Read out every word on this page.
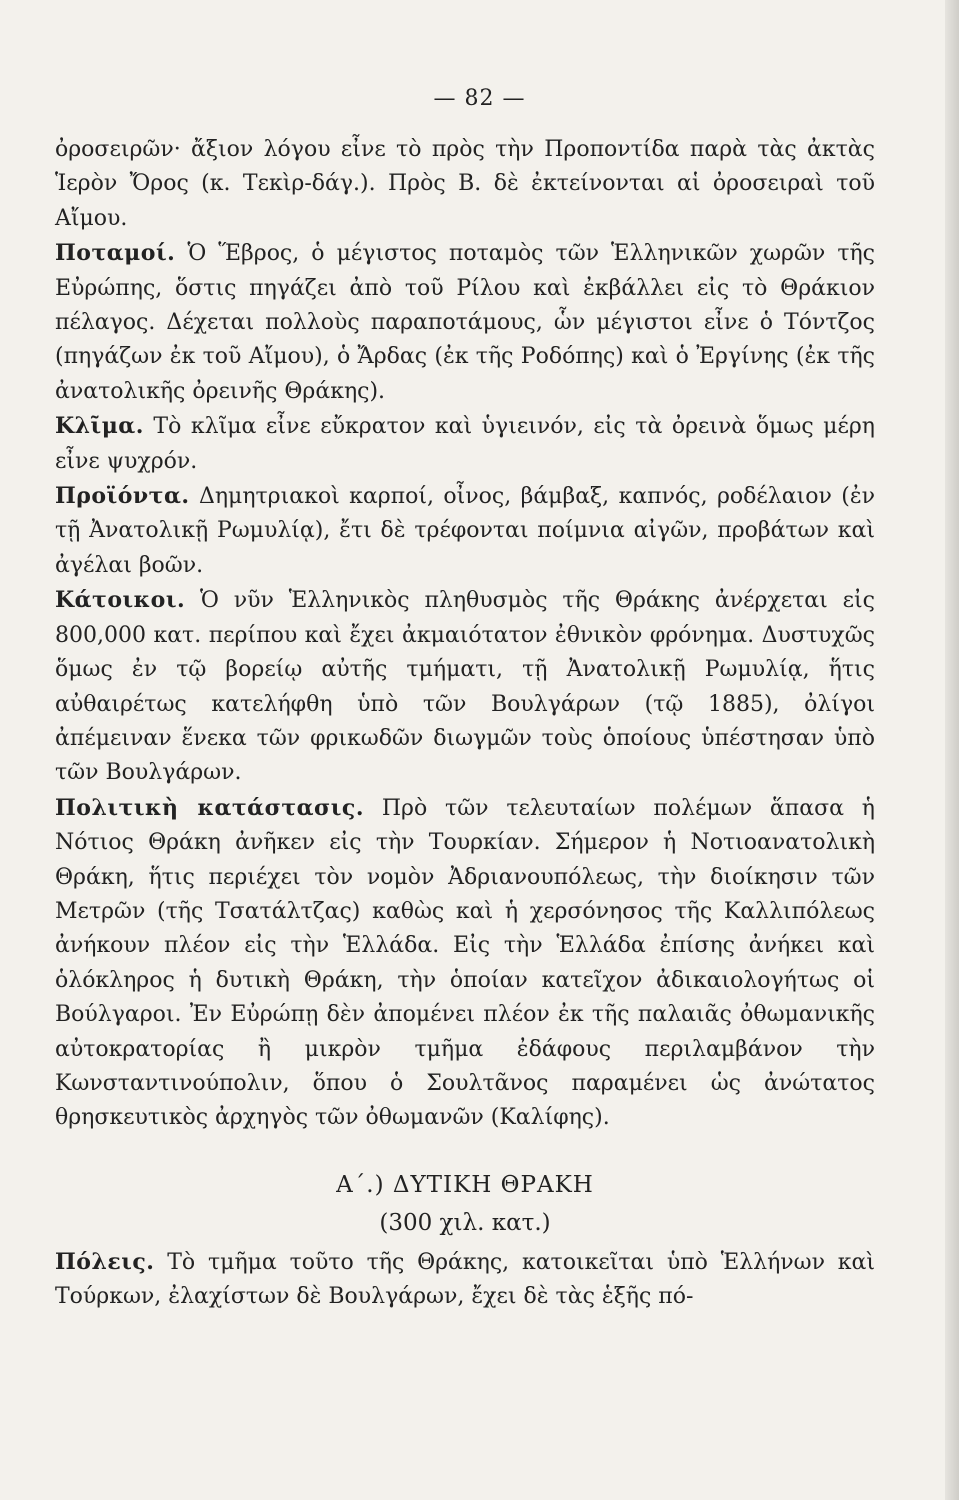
— 82 —

ὀροσειρῶν· ἄξιον λόγου εἶνε τὸ πρὸς τὴν Προποντίδα παρὰ τὰς ἀκτὰς Ἱερὸν Ὄρος (κ. Τεκὶρ-δάγ.). Πρὸς Β. δὲ ἐκτείνονται αἱ ὀροσειραὶ τοῦ Αἴμου.

Ποταμοί. Ὁ Ἕβρος, ὁ μέγιστος ποταμὸς τῶν Ἑλληνικῶν χωρῶν τῆς Εὐρώπης, ὅστις πηγάζει ἀπὸ τοῦ Ρίλου καὶ ἐκβάλλει εἰς τὸ Θράκιον πέλαγος. Δέχεται πολλοὺς παραποτάμους, ὧν μέγιστοι εἶνε ὁ Τόντζος (πηγάζων ἐκ τοῦ Αἴμου), ὁ Ἄρδας (ἐκ τῆς Ροδόπης) καὶ ὁ Ἐργίνης (ἐκ τῆς ἀνατολικῆς ὀρεινῆς Θράκης).

Κλῖμα. Τὸ κλῖμα εἶνε εὔκρατον καὶ ὑγιεινόν, εἰς τὰ ὀρεινὰ ὅμως μέρη εἶνε ψυχρόν.

Προϊόντα. Δημητριακοὶ καρποί, οἶνος, βάμβαξ, καπνός, ροδέλαιον (ἐν τῇ Ἀνατολικῇ Ρωμυλίᾳ), ἔτι δὲ τρέφονται ποίμνια αἰγῶν, προβάτων καὶ ἀγέλαι βοῶν.

Κάτοικοι. Ὁ νῦν Ἑλληνικὸς πληθυσμὸς τῆς Θράκης ἀνέρχεται εἰς 800,000 κατ. περίπου καὶ ἔχει ἀκμαιότατον ἐθνικὸν φρόνημα. Δυστυχῶς ὅμως ἐν τῷ βορείῳ αὐτῆς τμήματι, τῇ Ἀνατολικῇ Ρωμυλίᾳ, ἥτις αὐθαιρέτως κατελήφθη ὑπὸ τῶν Βουλγάρων (τῷ 1885), ὀλίγοι ἀπέμειναν ἕνεκα τῶν φρικωδῶν διωγμῶν τοὺς ὁποίους ὑπέστησαν ὑπὸ τῶν Βουλγάρων.

Πολιτικὴ κατάστασις. Πρὸ τῶν τελευταίων πολέμων ἅπασα ἡ Νότιος Θράκη ἀνῆκεν εἰς τὴν Τουρκίαν. Σήμερον ἡ Νοτιοανατολικὴ Θράκη, ἥτις περιέχει τὸν νομὸν Ἀδριανουπόλεως, τὴν διοίκησιν τῶν Μετρῶν (τῆς Τσατάλτζας) καθὼς καὶ ἡ χερσόνησος τῆς Καλλιπόλεως ἀνήκουν πλέον εἰς τὴν Ἑλλάδα. Εἰς τὴν Ἑλλάδα ἐπίσης ἀνήκει καὶ ὁλόκληρος ἡ δυτικὴ Θράκη, τὴν ὁποίαν κατεῖχον ἀδικαιολογήτως οἱ Βούλγαροι. Ἐν Εὐρώπῃ δὲν ἀπομένει πλέον ἐκ τῆς παλαιᾶς ὀθωμανικῆς αὐτοκρατορίας ἢ μικρὸν τμῆμα ἐδάφους περιλαμβάνον τὴν Κωνσταντινούπολιν, ὅπου ὁ Σουλτᾶνος παραμένει ὡς ἀνώτατος θρησκευτικὸς ἀρχηγὸς τῶν ὀθωμανῶν (Καλίφης).

Α΄.) ΔΥΤΙΚΗ ΘΡΑΚΗ
(300 χιλ. κατ.)

Πόλεις. Τὸ τμῆμα τοῦτο τῆς Θράκης, κατοικεῖται ὑπὸ Ἑλλήνων καὶ Τούρκων, ἐλαχίστων δὲ Βουλγάρων, ἔχει δὲ τὰς ἑξῆς πό-
